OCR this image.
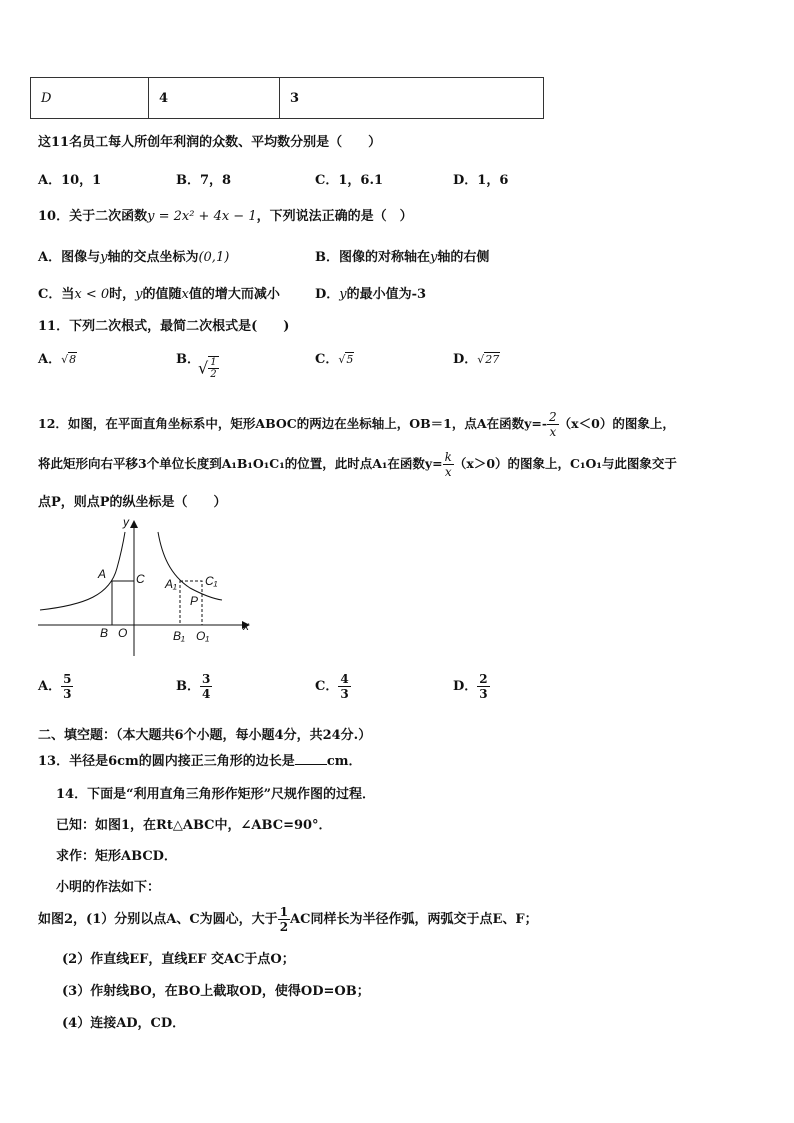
D	4	3
这11名员工每人所创年利润的众数、平均数分别是（　　）
A．10，1	B．7，8	C．1，6.1	D．1，6
10．关于二次函数y = 2x² + 4x − 1，下列说法正确的是（　）
A．图像与y轴的交点坐标为(0,1)	B．图像的对称轴在y轴的右侧
C．当x < 0时，y的值随x值的增大而减小	D．y的最小值为-3
11．下列二次根式，最简二次根式是(　　)
A．√8	B．
√ $\frac{1}{2}$	C．√5	D．√27
12．如图，在平面直角坐标系中，矩形ABOC的两边在坐标轴上，OB＝1，点A在函数$y=- \frac{2}{x} (x<0)$的图象上，
将此矩形向右平移3个单位长度到A₁B₁O₁C₁的位置，此时点A₁在函数$y= \frac{k}{x} (x>0)$的图象上，C₁O₁与此图象交于
点P，则点P的纵坐标是（　　）
y
x
A C
B O
A₁ C₁
P
B₁ O₁
A． $\frac{5}{3}$	B． $\frac{3}{4}$	C． $\frac{4}{3}$	D． $\frac{2}{3}$
二、填空题：（本大题共6个小题，每小题4分，共24分.）
13．半径是6cm的圆内接正三角形的边长是 cm．
14．下面是“利用直角三角形作矩形”尺规作图的过程．
已知：如图1，在Rt△ABC中，∠ABC=90°．
求作：矩形ABCD．
小明的作法如下：
如图2，(1）分别以点A、C为圆心，大于 $\frac{1}{2}$ AC同样长为半径作弧，两弧交于点E、F；
(2）作直线EF，直线EF 交AC于点O；
(3）作射线BO，在BO上截取OD，使得OD=OB；
(4）连接AD，CD．
